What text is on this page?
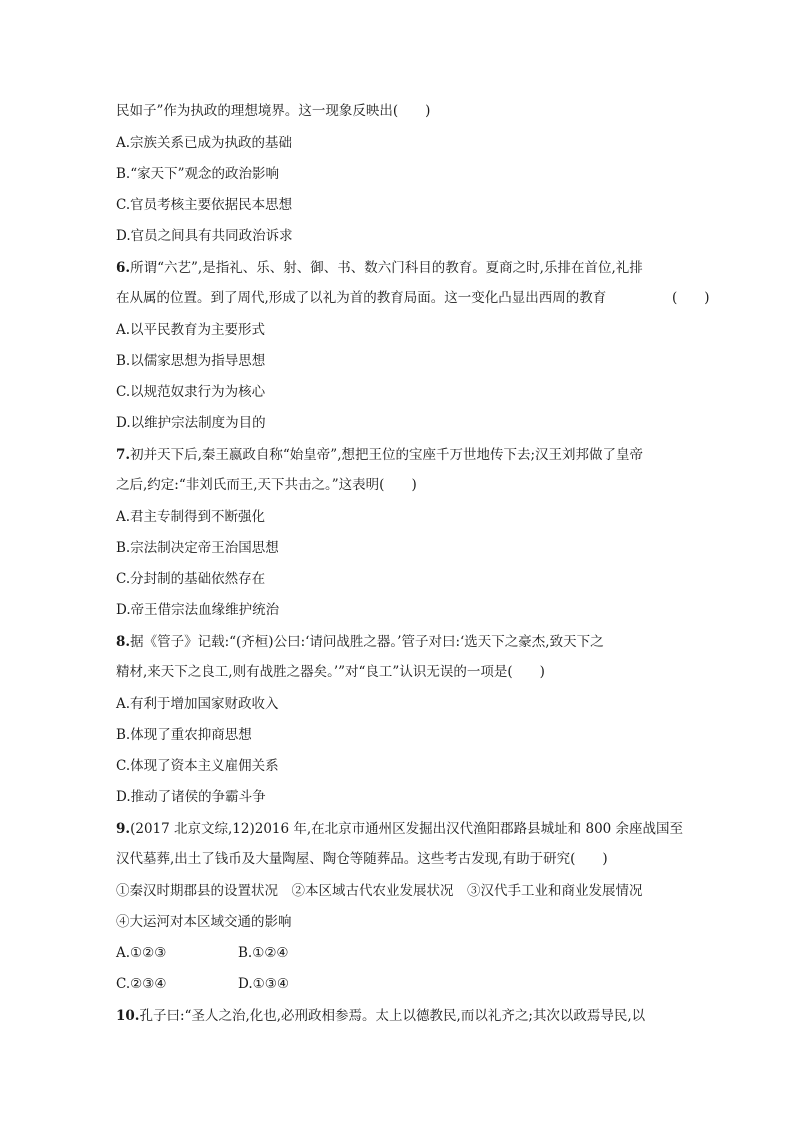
民如子”作为执政的理想境界。这一现象反映出(　　)
A.宗族关系已成为执政的基础
B.“家天下”观念的政治影响
C.官员考核主要依据民本思想
D.官员之间具有共同政治诉求
6.所谓“六艺”,是指礼、乐、射、御、书、数六门科目的教育。夏商之时,乐排在首位,礼排
在从属的位置。到了周代,形成了以礼为首的教育局面。这一变化凸显出西周的教育	(　　)
A.以平民教育为主要形式
B.以儒家思想为指导思想
C.以规范奴隶行为为核心
D.以维护宗法制度为目的
7.初并天下后,秦王嬴政自称“始皇帝”,想把王位的宝座千万世地传下去;汉王刘邦做了皇帝
之后,约定:“非刘氏而王,天下共击之。”这表明(　　)
A.君主专制得到不断强化
B.宗法制决定帝王治国思想
C.分封制的基础依然存在
D.帝王借宗法血缘维护统治
8.据《管子》记载:“(齐桓)公曰:‘请问战胜之器。’管子对曰:‘选天下之豪杰,致天下之
精材,来天下之良工,则有战胜之器矣。’”对“良工”认识无误的一项是(　　)
A.有利于增加国家财政收入
B.体现了重农抑商思想
C.体现了资本主义雇佣关系
D.推动了诸侯的争霸斗争
9.(2017 北京文综,12)2016 年,在北京市通州区发掘出汉代渔阳郡路县城址和 800 余座战国至
汉代墓葬,出土了钱币及大量陶屋、陶仓等随葬品。这些考古发现,有助于研究(　　)
①秦汉时期郡县的设置状况　②本区域古代农业发展状况　③汉代手工业和商业发展情况
④大运河对本区域交通的影响
A.①②③	B.①②④
C.②③④	D.①③④
10.孔子曰:“圣人之治,化也,必刑政相参焉。太上以德教民,而以礼齐之;其次以政焉导民,以
